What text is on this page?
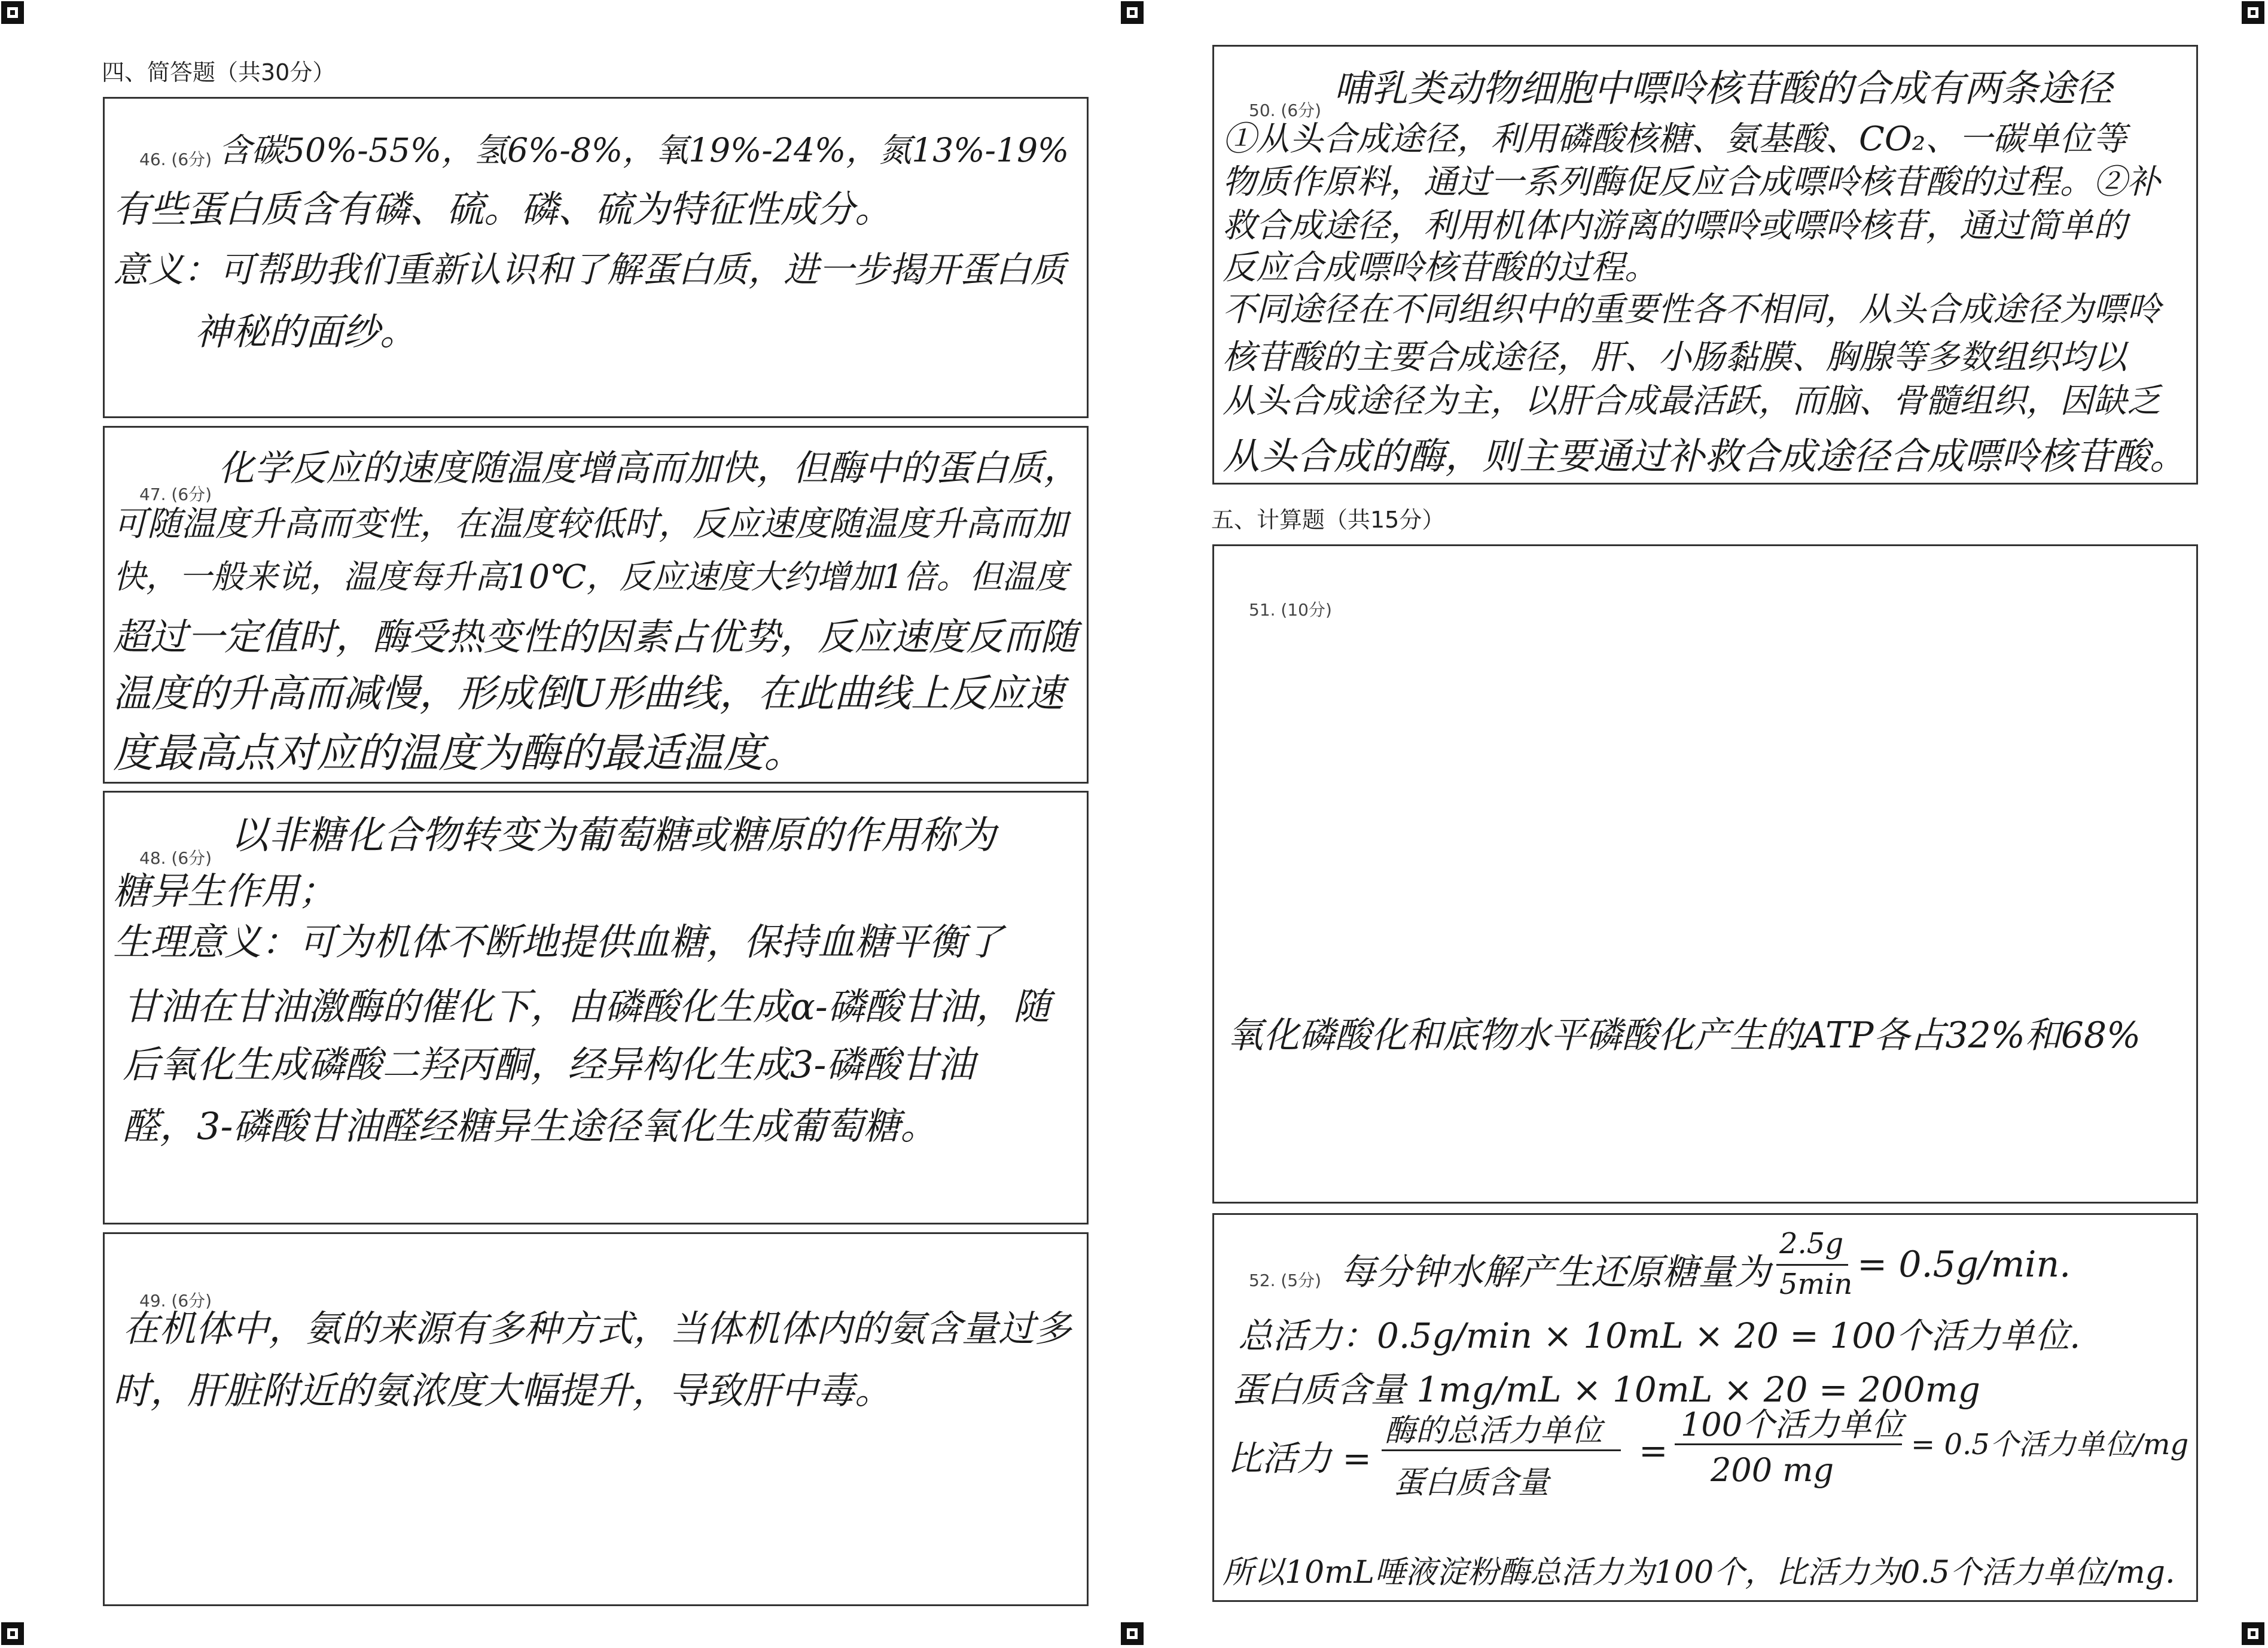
四、简答题（共30分）
五、计算题（共15分）
46. (6分) 含碳50%-55%，氢6%-8%，氧19%-24%，氮13%-19%
有些蛋白质含有磷、硫。磷、硫为特征性成分。
意义：可帮助我们重新认识和了解蛋白质，进一步揭开蛋白质
神秘的面纱。
47. (6分)
化学反应的速度随温度增高而加快，但酶中的蛋白质，
可随温度升高而变性，在温度较低时，反应速度随温度升高而加
快，一般来说，温度每升高10℃，反应速度大约增加1倍。但温度
超过一定值时，酶受热变性的因素占优势，反应速度反而随
温度的升高而减慢，形成倒U形曲线，在此曲线上反应速
度最高点对应的温度为酶的最适温度。
48. (6分)
以非糖化合物转变为葡萄糖或糖原的作用称为
糖异生作用；
生理意义：可为机体不断地提供血糖，保持血糖平衡了
甘油在甘油激酶的催化下，由磷酸化生成α-磷酸甘油，随
后氧化生成磷酸二羟丙酮，经异构化生成3-磷酸甘油
醛，3-磷酸甘油醛经糖异生途径氧化生成葡萄糖。
49. (6分)
在机体中，氨的来源有多种方式，当体机体内的氨含量过多
时，肝脏附近的氨浓度大幅提升，导致肝中毒。
50. (6分)
哺乳类动物细胞中嘌呤核苷酸的合成有两条途径
①从头合成途径，利用磷酸核糖、氨基酸、CO₂、一碳单位等
物质作原料，通过一系列酶促反应合成嘌呤核苷酸的过程。②补
救合成途径，利用机体内游离的嘌呤或嘌呤核苷，通过简单的
反应合成嘌呤核苷酸的过程。
不同途径在不同组织中的重要性各不相同，从头合成途径为嘌呤
核苷酸的主要合成途径，肝、小肠黏膜、胸腺等多数组织均以
从头合成途径为主，以肝合成最活跃，而脑、骨髓组织，因缺乏
从头合成的酶，则主要通过补救合成途径合成嘌呤核苷酸。
51. (10分)
氧化磷酸化和底物水平磷酸化产生的ATP各占32%和68%
52. (5分) 每分钟水解产生还原糖量为
2.5g
5min = 0.5g/min.
总活力：0.5g/min × 10mL × 20 = 100个活力单位.
蛋白质含量 1mg/mL × 10mL × 20 = 200mg
比活力 =
酶的总活力单位
蛋白质含量
=
100个活力单位
200 mg
= 0.5个活力单位/mg
所以10mL唾液淀粉酶总活力为100个，比活力为0.5个活力单位/mg.
